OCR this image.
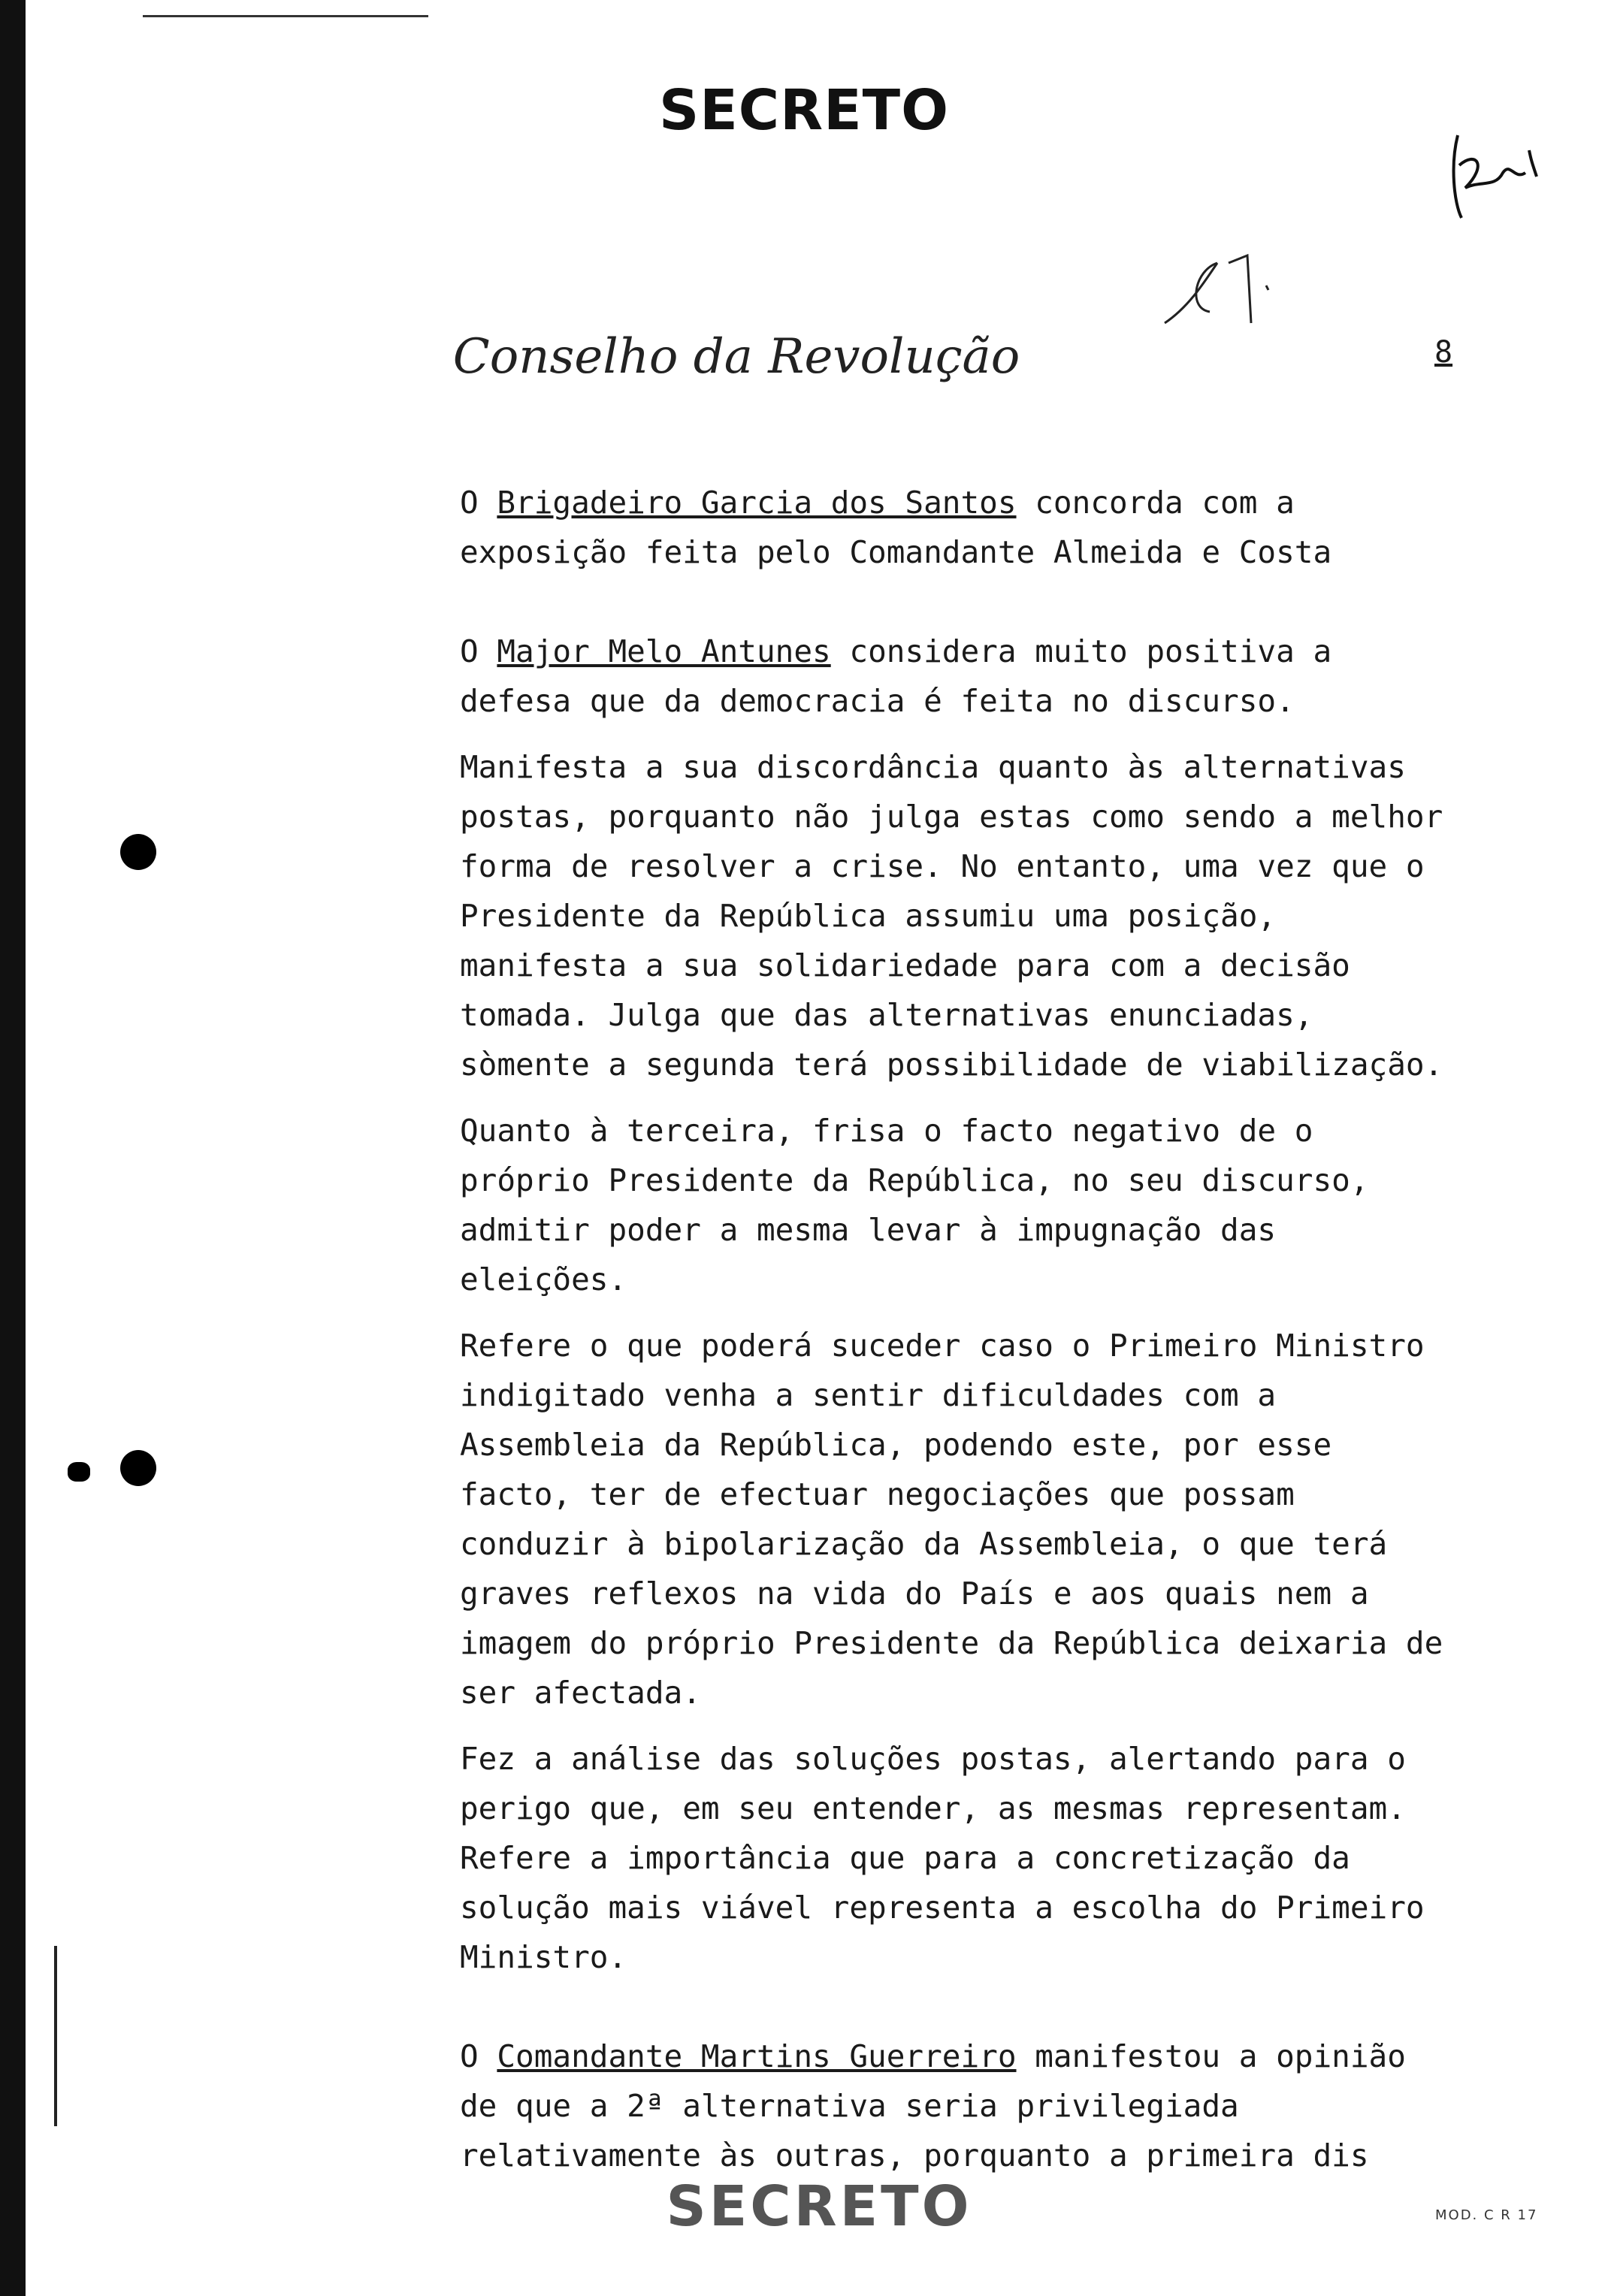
SECRETO
Conselho da Revolução	8

O Brigadeiro Garcia dos Santos concorda com a exposição feita pelo Comandante Almeida e Costa

O Major Melo Antunes considera muito positiva a defesa que da democracia é feita no discurso.

Manifesta a sua discordância quanto às alternativas postas, porquanto não julga estas como sendo a melhor forma de resolver a crise. No entanto, uma vez que o Presidente da República assumiu uma posição, manifesta a sua solidariedade para com a decisão tomada. Julga que das alternativas enunciadas, sòmente a segunda terá possibilidade de viabilização.

Quanto à terceira, frisa o facto negativo de o próprio Presidente da República, no seu discurso, admitir poder a mesma levar à impugnação das eleições.

Refere o que poderá suceder caso o Primeiro Ministro indigitado venha a sentir dificuldades com a Assembleia da República, podendo este, por esse facto, ter de efectuar negociações que possam conduzir à bipolarização da Assembleia, o que terá graves reflexos na vida do País e aos quais nem a imagem do próprio Presidente da República deixaria de ser afectada.

Fez a análise das soluções postas, alertando para o perigo que, em seu entender, as mesmas representam. Refere a importância que para a concretização da solução mais viável representa a escolha do Primeiro Ministro.

O Comandante Martins Guerreiro manifestou a opinião de que a 2ª alternativa seria privilegiada relativamente às outras, porquanto a primeira dis

SECRETO	MOD. C R 17
